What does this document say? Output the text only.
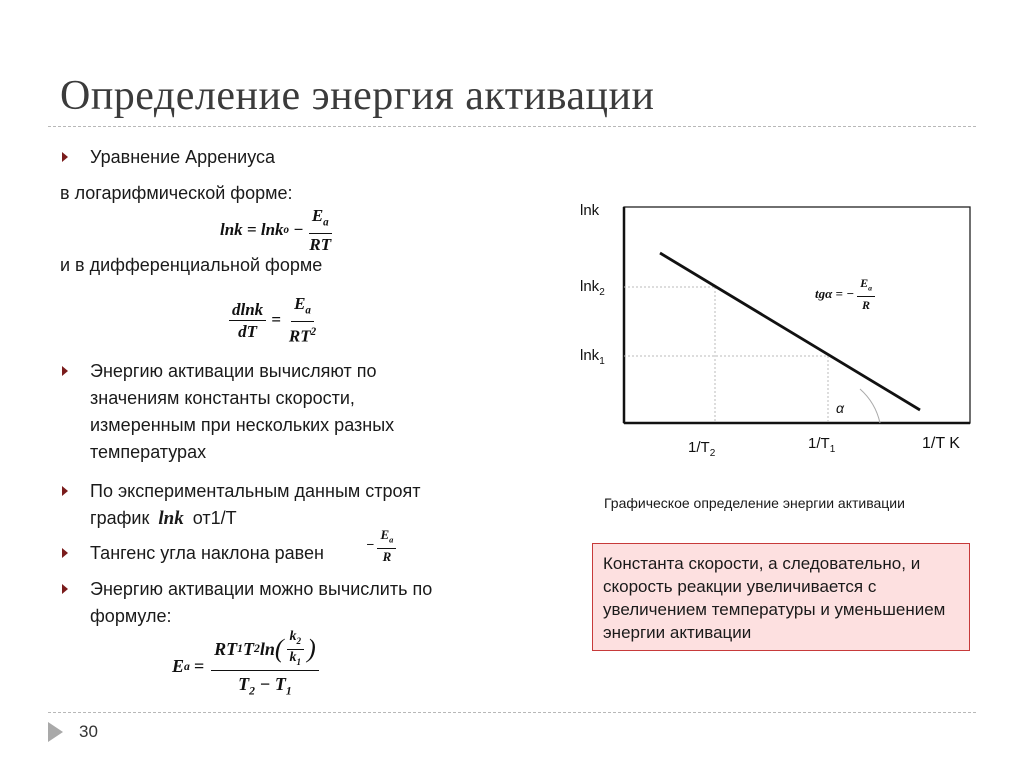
Определение энергия активации
Уравнение Аррениуса
в логарифмической форме:
lnk = lnk $o - \frac{E_a}{RT}$
и в дифференциальной форме
$\frac{dlnk}{dT} = \frac{E_a}{RT^2}$
Энергию активации вычисляют по
значениям константы скорости,
измеренным при нескольких разных
температурах
По экспериментальным данным строят
график lnk от1/T
Тангенс угла наклона равен	− $\frac{E_a}{R}$
Энергию активации можно вычислить по
формуле:
E a =
RT 1 T 2 ln ( $\frac{k_2}{k_1}$ )
$T_2 - T_1$
α
lnk
lnk$_2$
lnk$_1$
$1/T_2$
$1/T_1$	1/T K
tgα = − $\frac{E_a}{R}$
Графическое определение энергии активации
Константа скорости, а следовательно, и скорость реакции увеличивается с увеличением температуры и уменьшением энергии активации
30
